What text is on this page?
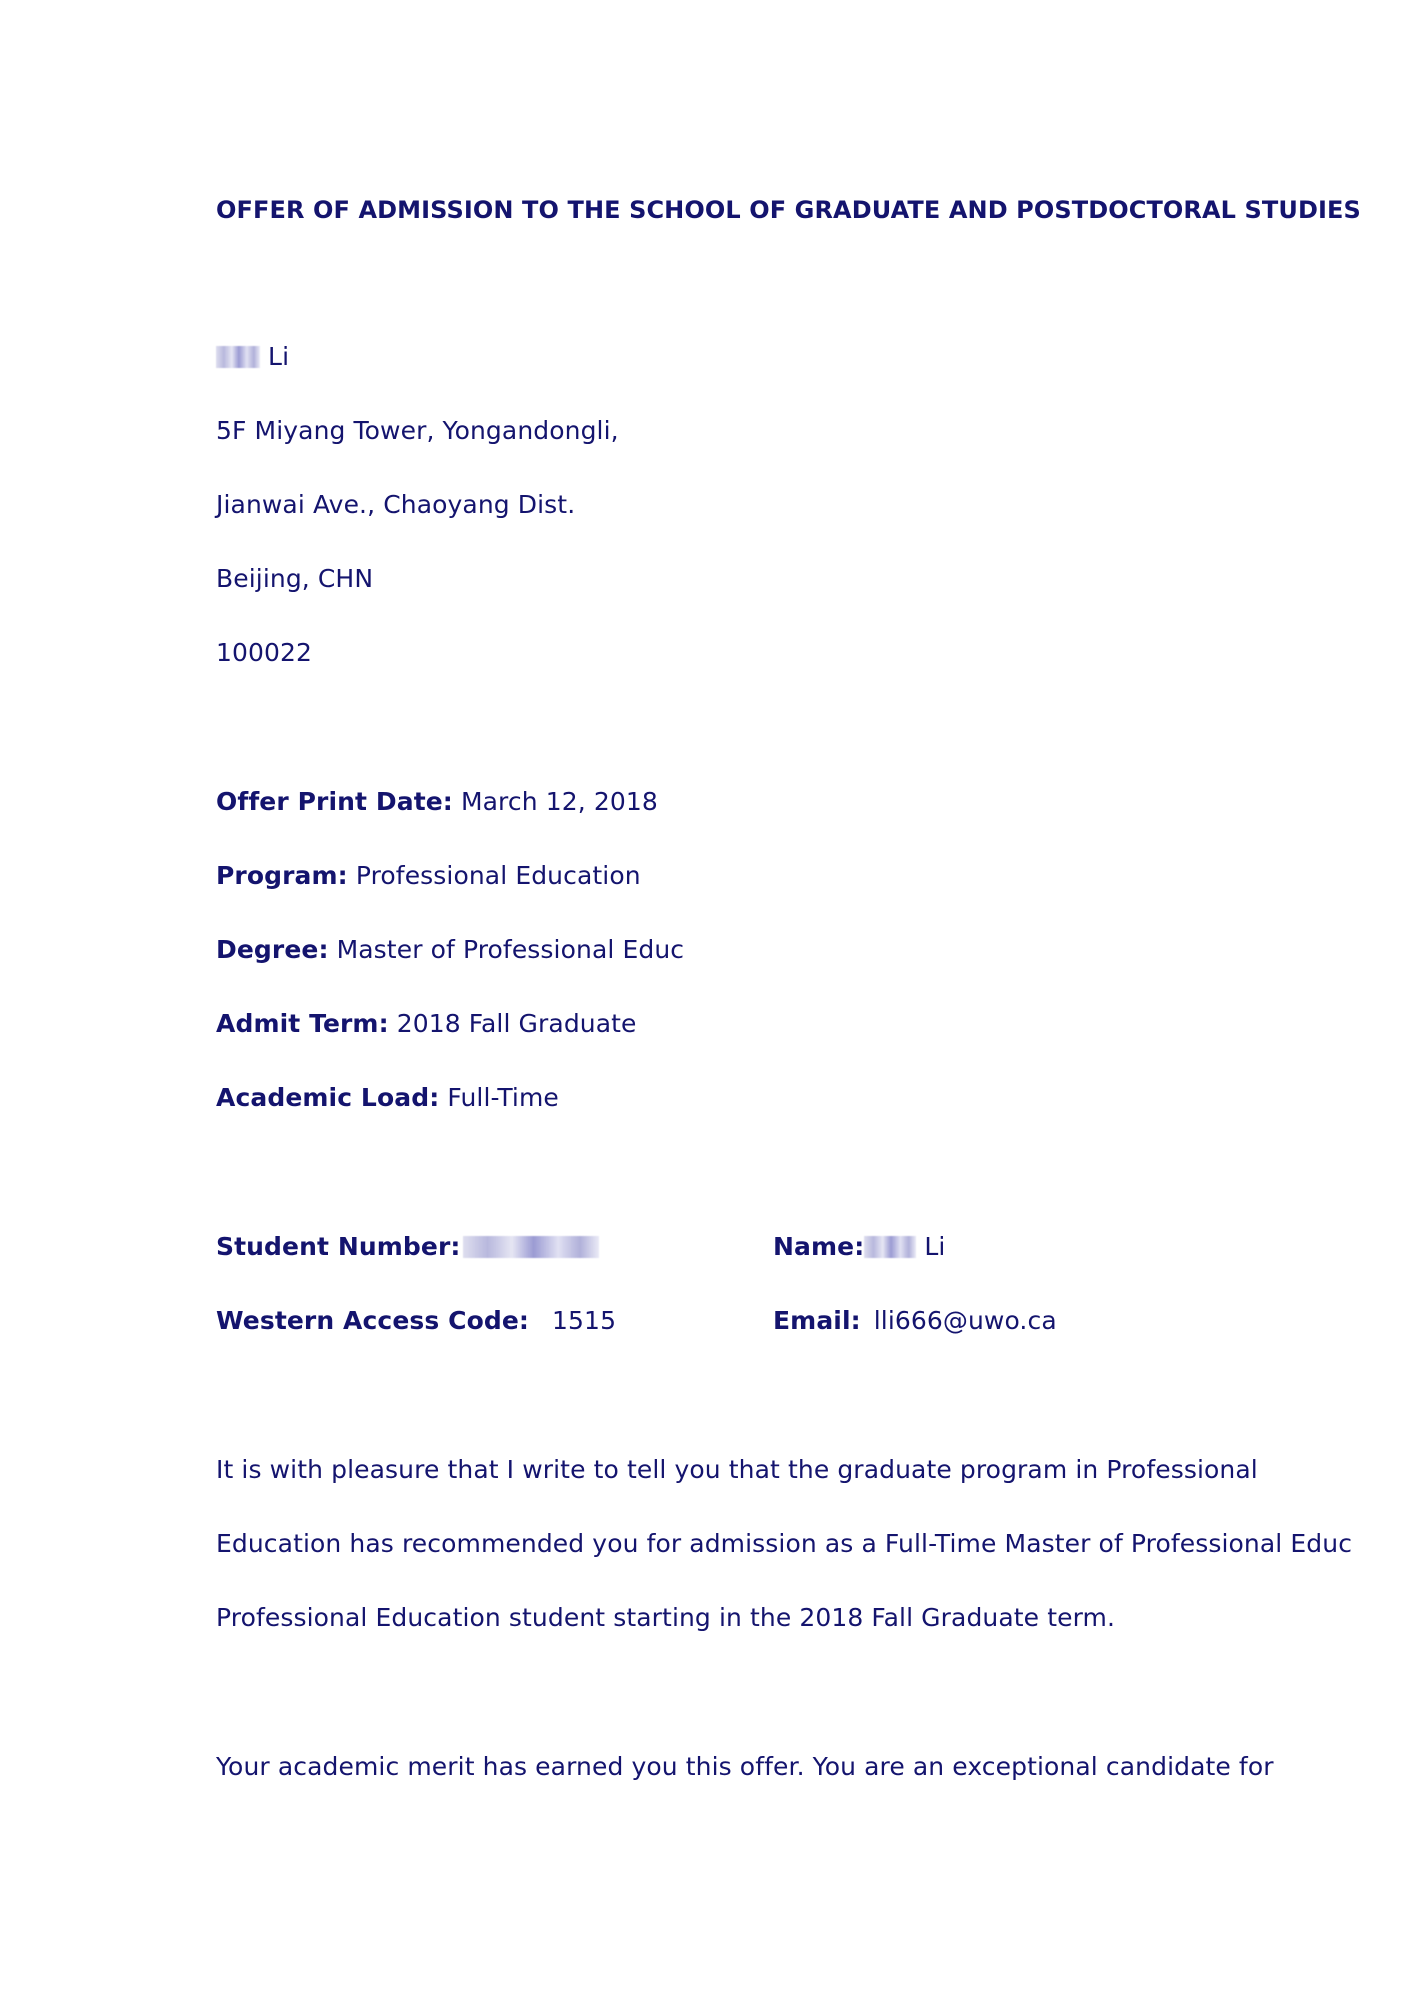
OFFER OF ADMISSION TO THE SCHOOL OF GRADUATE AND POSTDOCTORAL STUDIES
Li
5F Miyang Tower, Yongandongli,
Jianwai Ave., Chaoyang Dist.
Beijing, CHN
100022
Offer Print Date: March 12, 2018
Program: Professional Education
Degree: Master of Professional Educ
Admit Term: 2018 Fall Graduate
Academic Load: Full-Time
Student Number:	Name: Li
Western Access Code: 1515	Email: lli666@uwo.ca
It is with pleasure that I write to tell you that the graduate program in Professional
Education has recommended you for admission as a Full-Time Master of Professional Educ
Professional Education student starting in the 2018 Fall Graduate term.
Your academic merit has earned you this offer. You are an exceptional candidate for
